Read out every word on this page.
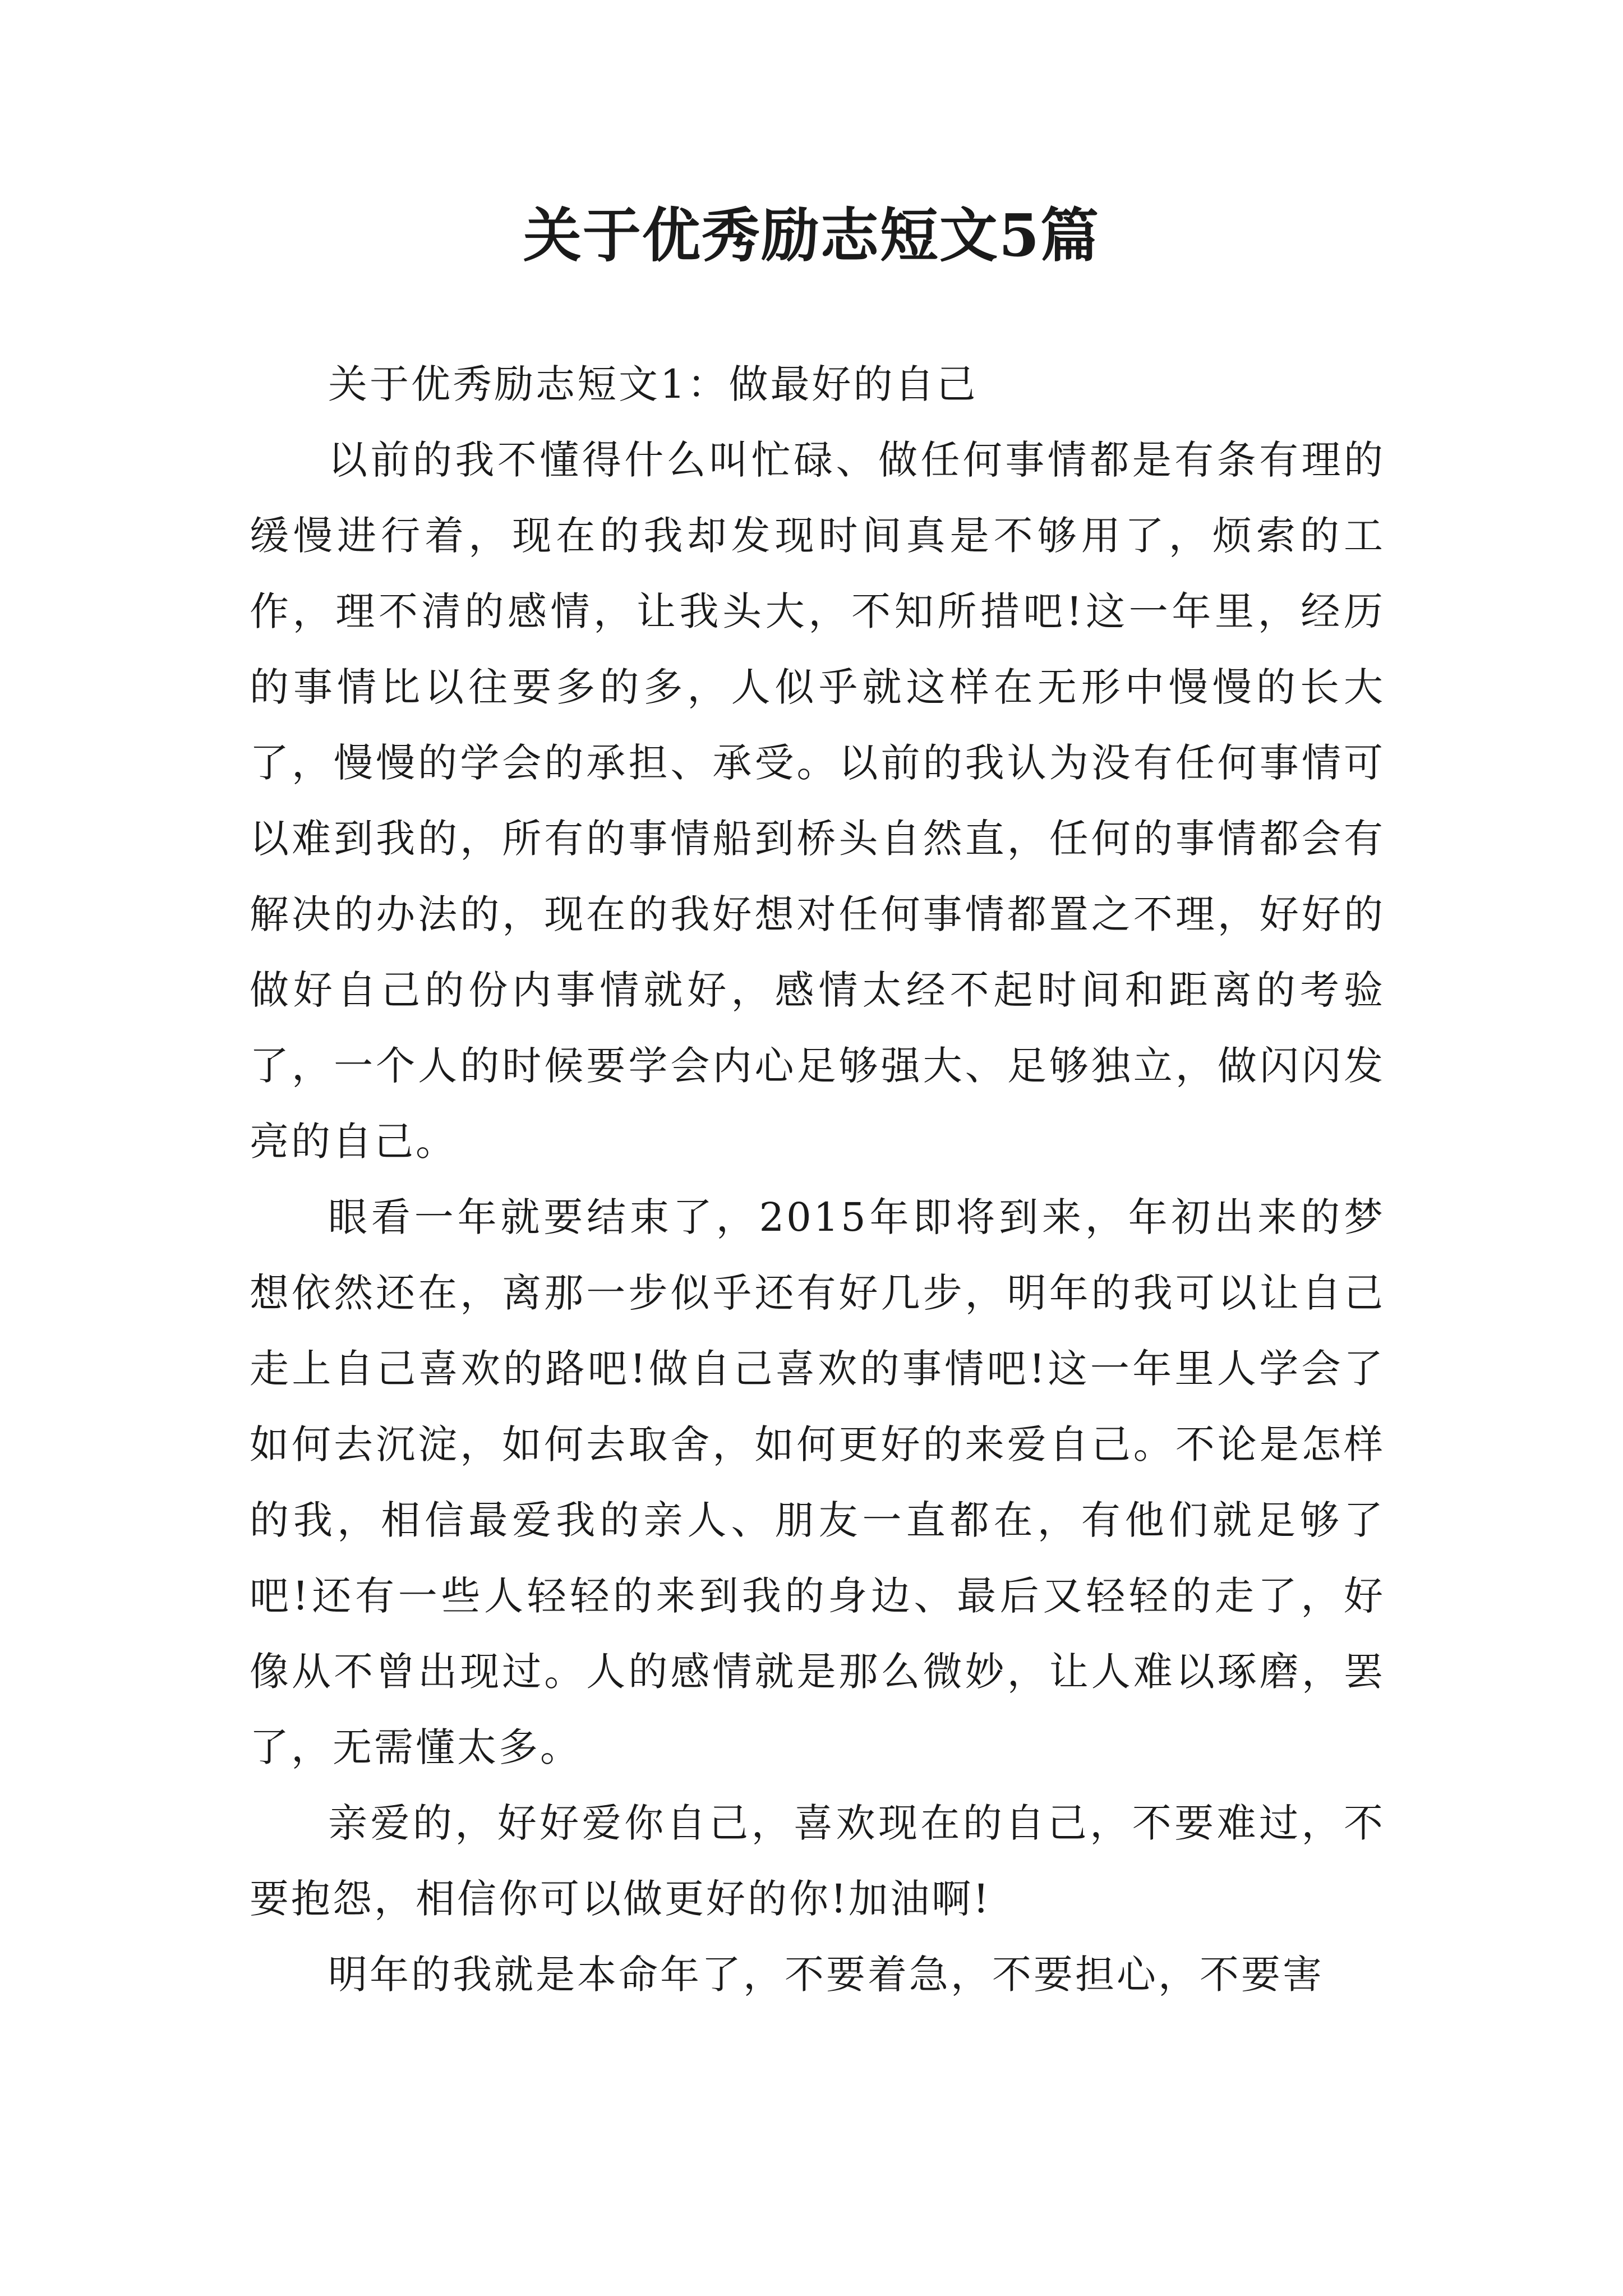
关于优秀励志短文5篇

关于优秀励志短文1：做最好的自己

以前的我不懂得什么叫忙碌、做任何事情都是有条有理的缓慢进行着，现在的我却发现时间真是不够用了，烦索的工作，理不清的感情，让我头大，不知所措吧!这一年里，经历的事情比以往要多的多，人似乎就这样在无形中慢慢的长大了，慢慢的学会的承担、承受。以前的我认为没有任何事情可以难到我的，所有的事情船到桥头自然直，任何的事情都会有解决的办法的，现在的我好想对任何事情都置之不理，好好的做好自己的份内事情就好，感情太经不起时间和距离的考验了，一个人的时候要学会内心足够强大、足够独立，做闪闪发亮的自己。

眼看一年就要结束了，2015年即将到来，年初出来的梦想依然还在，离那一步似乎还有好几步，明年的我可以让自己走上自己喜欢的路吧!做自己喜欢的事情吧!这一年里人学会了如何去沉淀，如何去取舍，如何更好的来爱自己。不论是怎样的我，相信最爱我的亲人、朋友一直都在，有他们就足够了吧!还有一些人轻轻的来到我的身边、最后又轻轻的走了，好像从不曾出现过。人的感情就是那么微妙，让人难以琢磨，罢了，无需懂太多。

亲爱的，好好爱你自己，喜欢现在的自己，不要难过，不要抱怨，相信你可以做更好的你!加油啊!

明年的我就是本命年了，不要着急，不要担心，不要害
